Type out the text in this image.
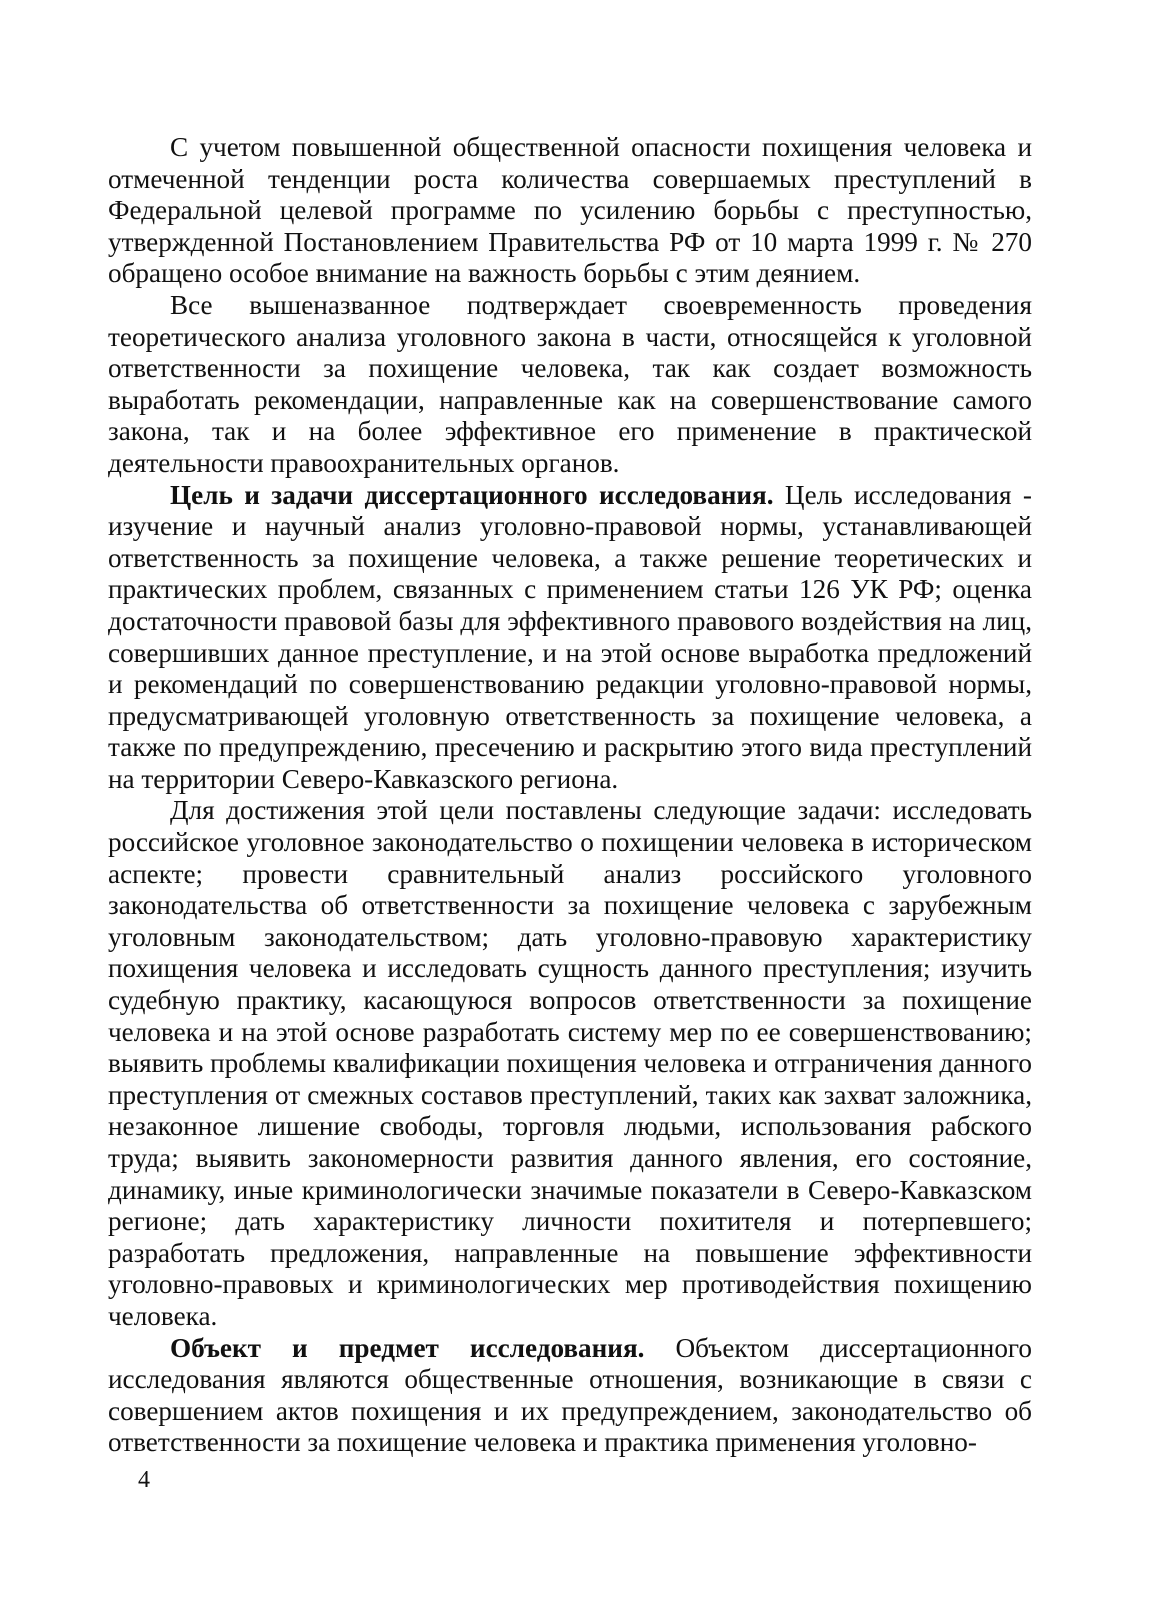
С учетом повышенной общественной опасности похищения человека и отмеченной тенденции роста количества совершаемых преступлений в Федеральной целевой программе по усилению борьбы с преступностью, утвержденной Постановлением Правительства РФ от 10 марта 1999 г. № 270 обращено особое внимание на важность борьбы с этим деянием.

Все вышеназванное подтверждает своевременность проведения теоретического анализа уголовного закона в части, относящейся к уголовной ответственности за похищение человека, так как создает возможность выработать рекомендации, направленные как на совершенствование самого закона, так и на более эффективное его применение в практической деятельности правоохранительных органов.

Цель и задачи диссертационного исследования. Цель исследования - изучение и научный анализ уголовно-правовой нормы, устанавливающей ответственность за похищение человека, а также решение теоретических и практических проблем, связанных с применением статьи 126 УК РФ; оценка достаточности правовой базы для эффективного правового воздействия на лиц, совершивших данное преступление, и на этой основе выработка предложений и рекомендаций по совершенствованию редакции уголовно-правовой нормы, предусматривающей уголовную ответственность за похищение человека, а также по предупреждению, пресечению и раскрытию этого вида преступлений на территории Северо-Кавказского региона.

Для достижения этой цели поставлены следующие задачи: исследовать российское уголовное законодательство о похищении человека в историческом аспекте; провести сравнительный анализ российского уголовного законодательства об ответственности за похищение человека с зарубежным уголовным законодательством; дать уголовно-правовую характеристику похищения человека и исследовать сущность данного преступления; изучить судебную практику, касающуюся вопросов ответственности за похищение человека и на этой основе разработать систему мер по ее совершенствованию; выявить проблемы квалификации похищения человека и отграничения данного преступления от смежных составов преступлений, таких как захват заложника, незаконное лишение свободы, торговля людьми, использования рабского труда; выявить закономерности развития данного явления, его состояние, динамику, иные криминологически значимые показатели в Северо-Кавказском регионе; дать характеристику личности похитителя и потерпевшего; разработать предложения, направленные на повышение эффективности уголовно-правовых и криминологических мер противодействия похищению человека.

Объект и предмет исследования. Объектом диссертационного исследования являются общественные отношения, возникающие в связи с совершением актов похищения и их предупреждением, законодательство об ответственности за похищение человека и практика применения уголовно-

4
